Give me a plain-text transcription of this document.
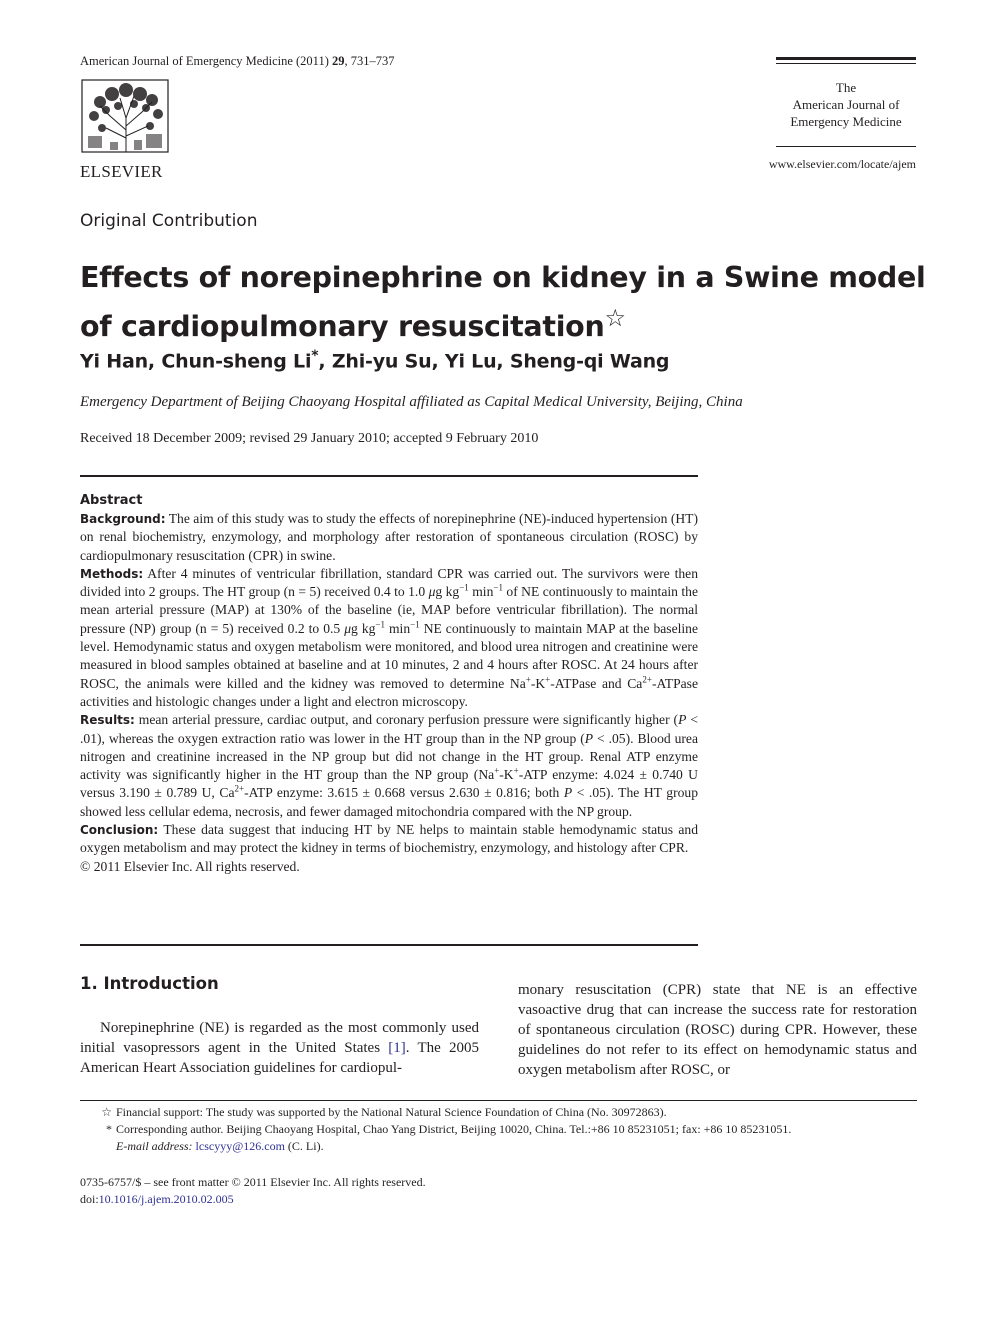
American Journal of Emergency Medicine (2011) 29, 731–737
ELSEVIER
The
American Journal of
Emergency Medicine
www.elsevier.com/locate/ajem
Original Contribution
Effects of norepinephrine on kidney in a Swine model of cardiopulmonary resuscitation☆
Yi Han, Chun-sheng Li*, Zhi-yu Su, Yi Lu, Sheng-qi Wang
Emergency Department of Beijing Chaoyang Hospital affiliated as Capital Medical University, Beijing, China
Received 18 December 2009; revised 29 January 2010; accepted 9 February 2010
Abstract

Background: The aim of this study was to study the effects of norepinephrine (NE)-induced hypertension (HT) on renal biochemistry, enzymology, and morphology after restoration of spontaneous circulation (ROSC) by cardiopulmonary resuscitation (CPR) in swine.

Methods: After 4 minutes of ventricular fibrillation, standard CPR was carried out. The survivors were then divided into 2 groups. The HT group (n = 5) received 0.4 to 1.0 μg $kg^{-1}$ $\min^{-1}$ of NE continuously to maintain the mean arterial pressure (MAP) at 130% of the baseline (ie, MAP before ventricular fibrillation). The normal pressure (NP) group (n = 5) received 0.2 to 0.5 μg $kg^{-1}$ $\min^{-1}$ NE continuously to maintain MAP at the baseline level. Hemodynamic status and oxygen metabolism were monitored, and blood urea nitrogen and creatinine were measured in blood samples obtained at baseline and at 10 minutes, 2 and 4 hours after ROSC. At 24 hours after ROSC, the animals were killed and the kidney was removed to determine Na+-K+-ATPase and $Ca^{2+}$-ATPase activities and histologic changes under a light and electron microscopy.

Results: mean arterial pressure, cardiac output, and coronary perfusion pressure were significantly higher (P < .01), whereas the oxygen extraction ratio was lower in the HT group than in the NP group (P < .05). Blood urea nitrogen and creatinine increased in the NP group but did not change in the HT group. Renal ATP enzyme activity was significantly higher in the HT group than the NP group (Na+-K+-ATP enzyme: 4.024 ± 0.740 U versus 3.190 ± 0.789 U, $Ca^{2+}$-ATP enzyme: 3.615 ± 0.668 versus 2.630 ± 0.816; both P < .05). The HT group showed less cellular edema, necrosis, and fewer damaged mitochondria compared with the NP group.

Conclusion: These data suggest that inducing HT by NE helps to maintain stable hemodynamic status and oxygen metabolism and may protect the kidney in terms of biochemistry, enzymology, and histology after CPR.

© 2011 Elsevier Inc. All rights reserved.

1. Introduction

Norepinephrine (NE) is regarded as the most commonly used initial vasopressors agent in the United States [1]. The 2005 American Heart Association guidelines for cardiopul-

monary resuscitation (CPR) state that NE is an effective vasoactive drug that can increase the success rate for restoration of spontaneous circulation (ROSC) during CPR. However, these guidelines do not refer to its effect on hemodynamic status and oxygen metabolism after ROSC, or

☆ Financial support: The study was supported by the National Natural Science Foundation of China (No. 30972863).

* Corresponding author. Beijing Chaoyang Hospital, Chao Yang District, Beijing 10020, China. Tel.:+86 10 85231051; fax: +86 10 85231051.

E-mail address: lcscyyy@126.com (C. Li).

0735-6757/$ – see front matter © 2011 Elsevier Inc. All rights reserved.

doi:10.1016/j.ajem.2010.02.005
